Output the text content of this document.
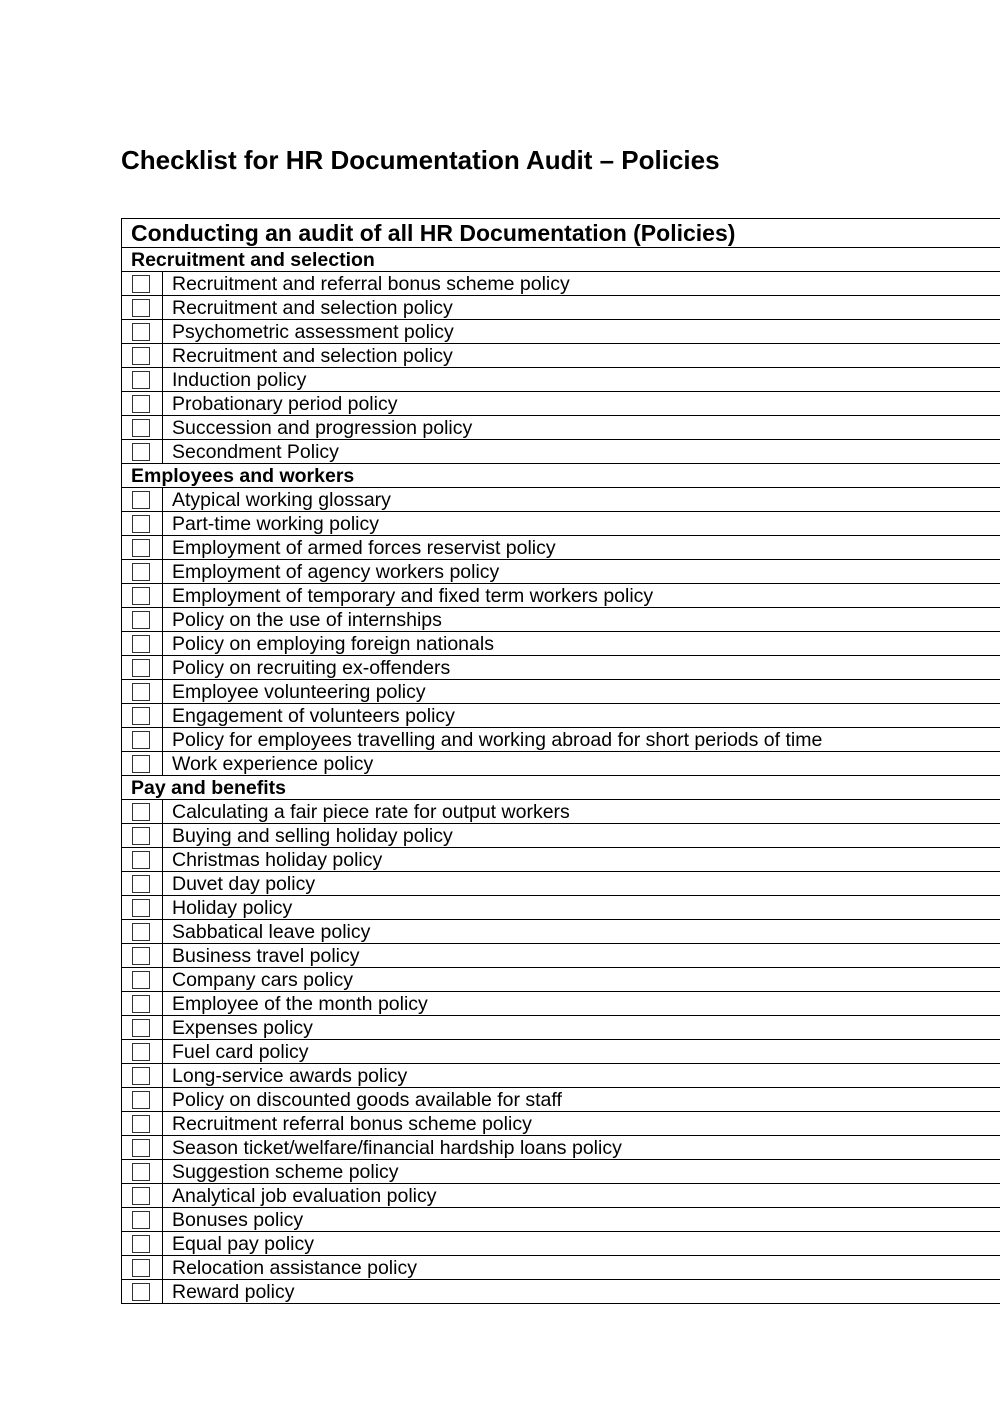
Checklist for HR Documentation Audit – Policies
Conducting an audit of all HR Documentation (Policies)	
Recruitment and selection	

	Recruitment and referral bonus scheme policy

	Recruitment and selection policy

	Psychometric assessment policy

	Recruitment and selection policy

	Induction policy

	Probationary period policy

	Succession and progression policy

	Secondment Policy
Employees and workers	

	Atypical working glossary

	Part-time working policy

	Employment of armed forces reservist policy

	Employment of agency workers policy

	Employment of temporary and fixed term workers policy

	Policy on the use of internships

	Policy on employing foreign nationals

	Policy on recruiting ex-offenders

	Employee volunteering policy

	Engagement of volunteers policy

	Policy for employees travelling and working abroad for short periods of time

	Work experience policy
Pay and benefits	

	Calculating a fair piece rate for output workers

	Buying and selling holiday policy

	Christmas holiday policy

	Duvet day policy

	Holiday policy

	Sabbatical leave policy

	Business travel policy

	Company cars policy

	Employee of the month policy

	Expenses policy

	Fuel card policy

	Long-service awards policy

	Policy on discounted goods available for staff

	Recruitment referral bonus scheme policy

	Season ticket/welfare/financial hardship loans policy

	Suggestion scheme policy

	Analytical job evaluation policy

	Bonuses policy

	Equal pay policy

	Relocation assistance policy

	Reward policy
